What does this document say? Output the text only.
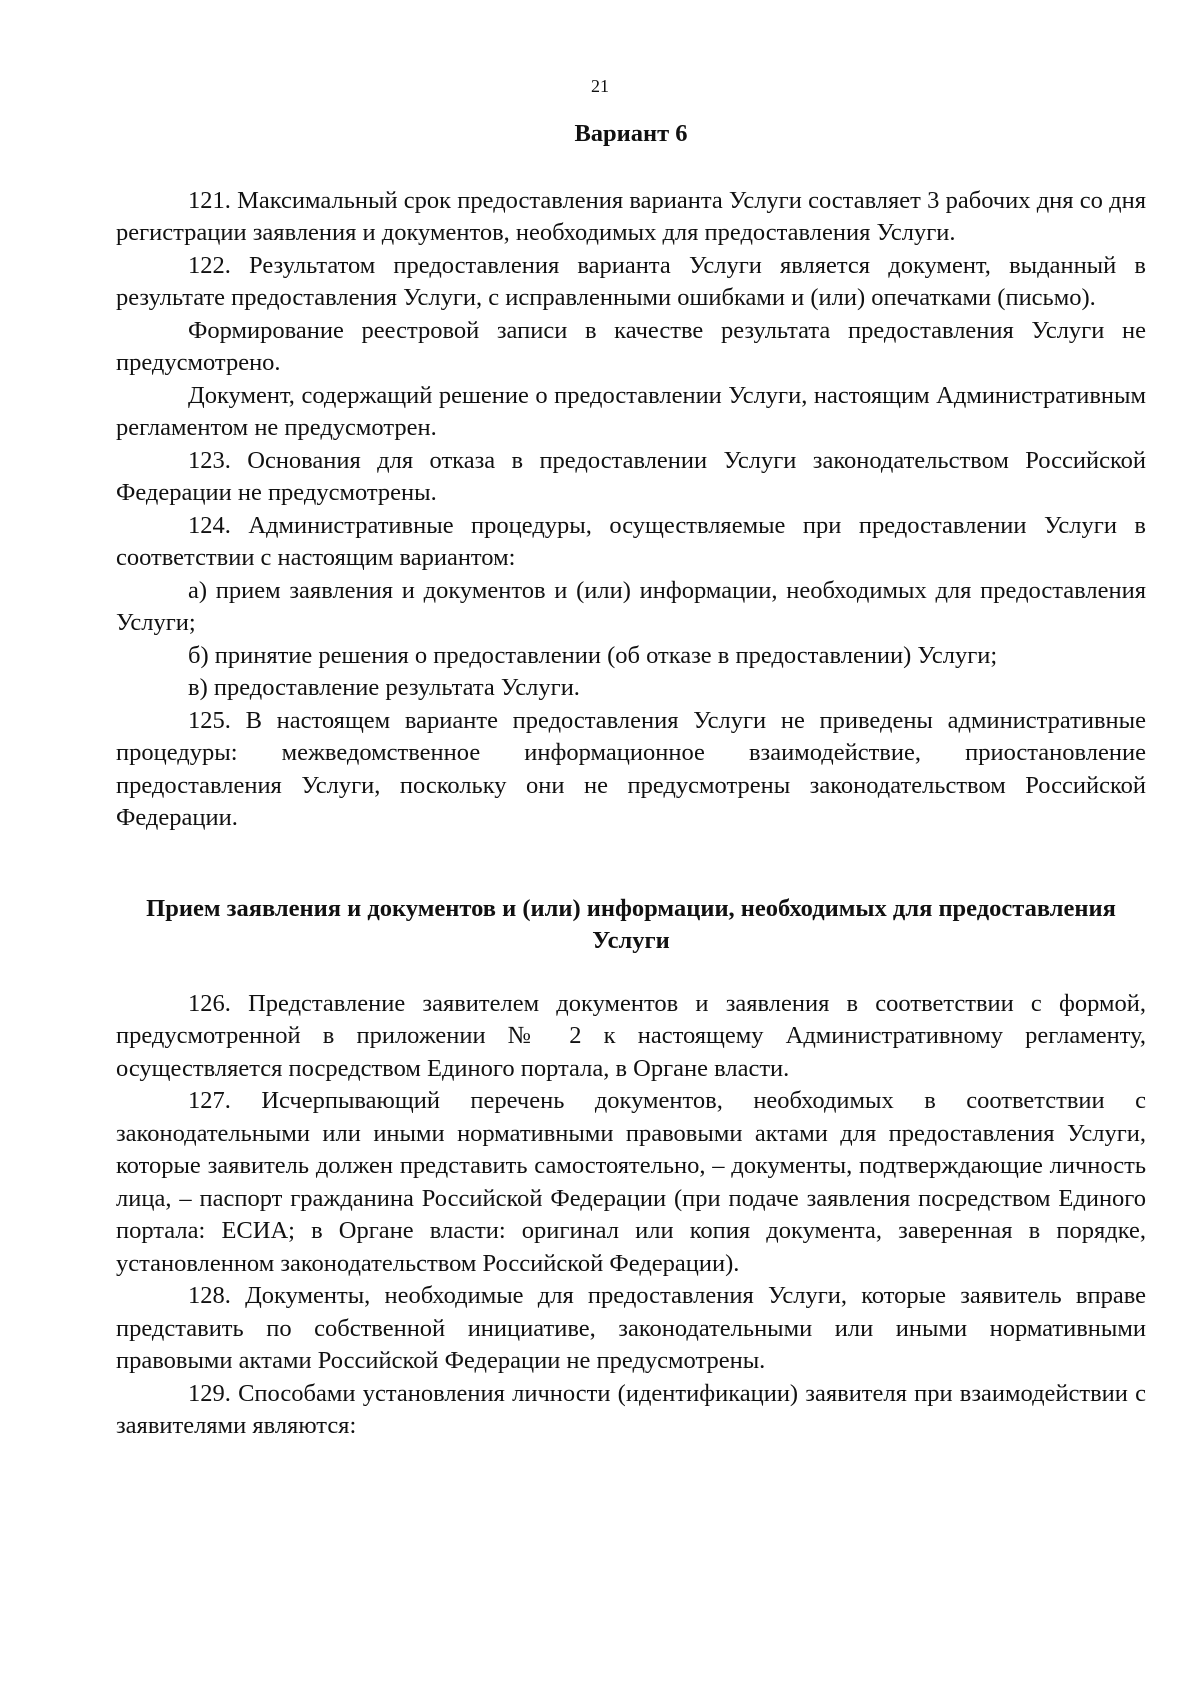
21

Вариант 6

121. Максимальный срок предоставления варианта Услуги составляет 3 рабочих дня со дня регистрации заявления и документов, необходимых для предоставления Услуги.

122. Результатом предоставления варианта Услуги является документ, выданный в результате предоставления Услуги, с исправленными ошибками и (или) опечатками (письмо).

Формирование реестровой записи в качестве результата предоставления Услуги не предусмотрено.

Документ, содержащий решение о предоставлении Услуги, настоящим Административным регламентом не предусмотрен.

123. Основания для отказа в предоставлении Услуги законодательством Российской Федерации не предусмотрены.

124. Административные процедуры, осуществляемые при предоставлении Услуги в соответствии с настоящим вариантом:

а) прием заявления и документов и (или) информации, необходимых для предоставления Услуги;

б) принятие решения о предоставлении (об отказе в предоставлении) Услуги;

в) предоставление результата Услуги.

125. В настоящем варианте предоставления Услуги не приведены административные процедуры: межведомственное информационное взаимодействие, приостановление предоставления Услуги, поскольку они не предусмотрены законодательством Российской Федерации.

Прием заявления и документов и (или) информации, необходимых для предоставления Услуги

126. Представление заявителем документов и заявления в соответствии с формой, предусмотренной в приложении № 2 к настоящему Административному регламенту, осуществляется посредством Единого портала, в Органе власти.

127. Исчерпывающий перечень документов, необходимых в соответствии с законодательными или иными нормативными правовыми актами для предоставления Услуги, которые заявитель должен представить самостоятельно, – документы, подтверждающие личность лица, – паспорт гражданина Российской Федерации (при подаче заявления посредством Единого портала: ЕСИА; в Органе власти: оригинал или копия документа, заверенная в порядке, установленном законодательством Российской Федерации).

128. Документы, необходимые для предоставления Услуги, которые заявитель вправе представить по собственной инициативе, законодательными или иными нормативными правовыми актами Российской Федерации не предусмотрены.

129. Способами установления личности (идентификации) заявителя при взаимодействии с заявителями являются:
